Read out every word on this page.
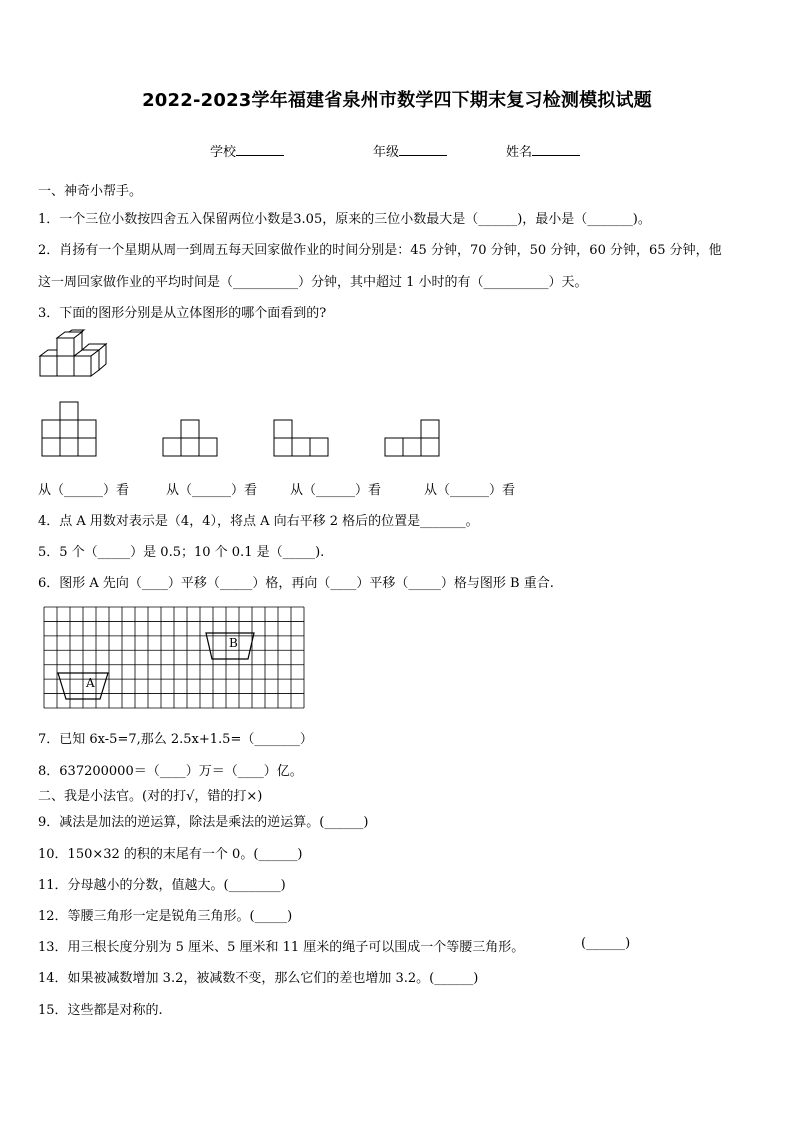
2022-2023学年福建省泉州市数学四下期末复习检测模拟试题
学校	年级	姓名
一、神奇小帮手。
1．一个三位小数按四舍五入保留两位小数是3.05，原来的三位小数最大是（______)，最小是（_______)。
2．肖扬有一个星期从周一到周五每天回家做作业的时间分别是：45 分钟，70 分钟，50 分钟，60 分钟，65 分钟，他
这一周回家做作业的平均时间是（__________）分钟，其中超过 1 小时的有（__________）天。
3．下面的图形分别是从立体图形的哪个面看到的?
从（______）看	从（______）看	从（______）看	从（______）看
4．点 A 用数对表示是（4，4），将点 A 向右平移 2 格后的位置是_______。
5．5 个（_____）是 0.5；10 个 0.1 是（_____).
6．图形 A 先向（____）平移（_____）格，再向（____）平移（_____）格与图形 B 重合.
B
A
7．已知 6x-5=7,那么 2.5x+1.5=（_______）
8．637200000＝（____）万＝（____）亿。
二、我是小法官。(对的打√，错的打×)
9．减法是加法的逆运算，除法是乘法的逆运算。(______)
10．150×32 的积的末尾有一个 0。(______)
11．分母越小的分数，值越大。(________)
12．等腰三角形一定是锐角三角形。(_____)
13．用三根长度分别为 5 厘米、5 厘米和 11 厘米的绳子可以围成一个等腰三角形。	(______)
14．如果被减数增加 3.2，被减数不变，那么它们的差也增加 3.2。(______)
15．这些都是对称的.
